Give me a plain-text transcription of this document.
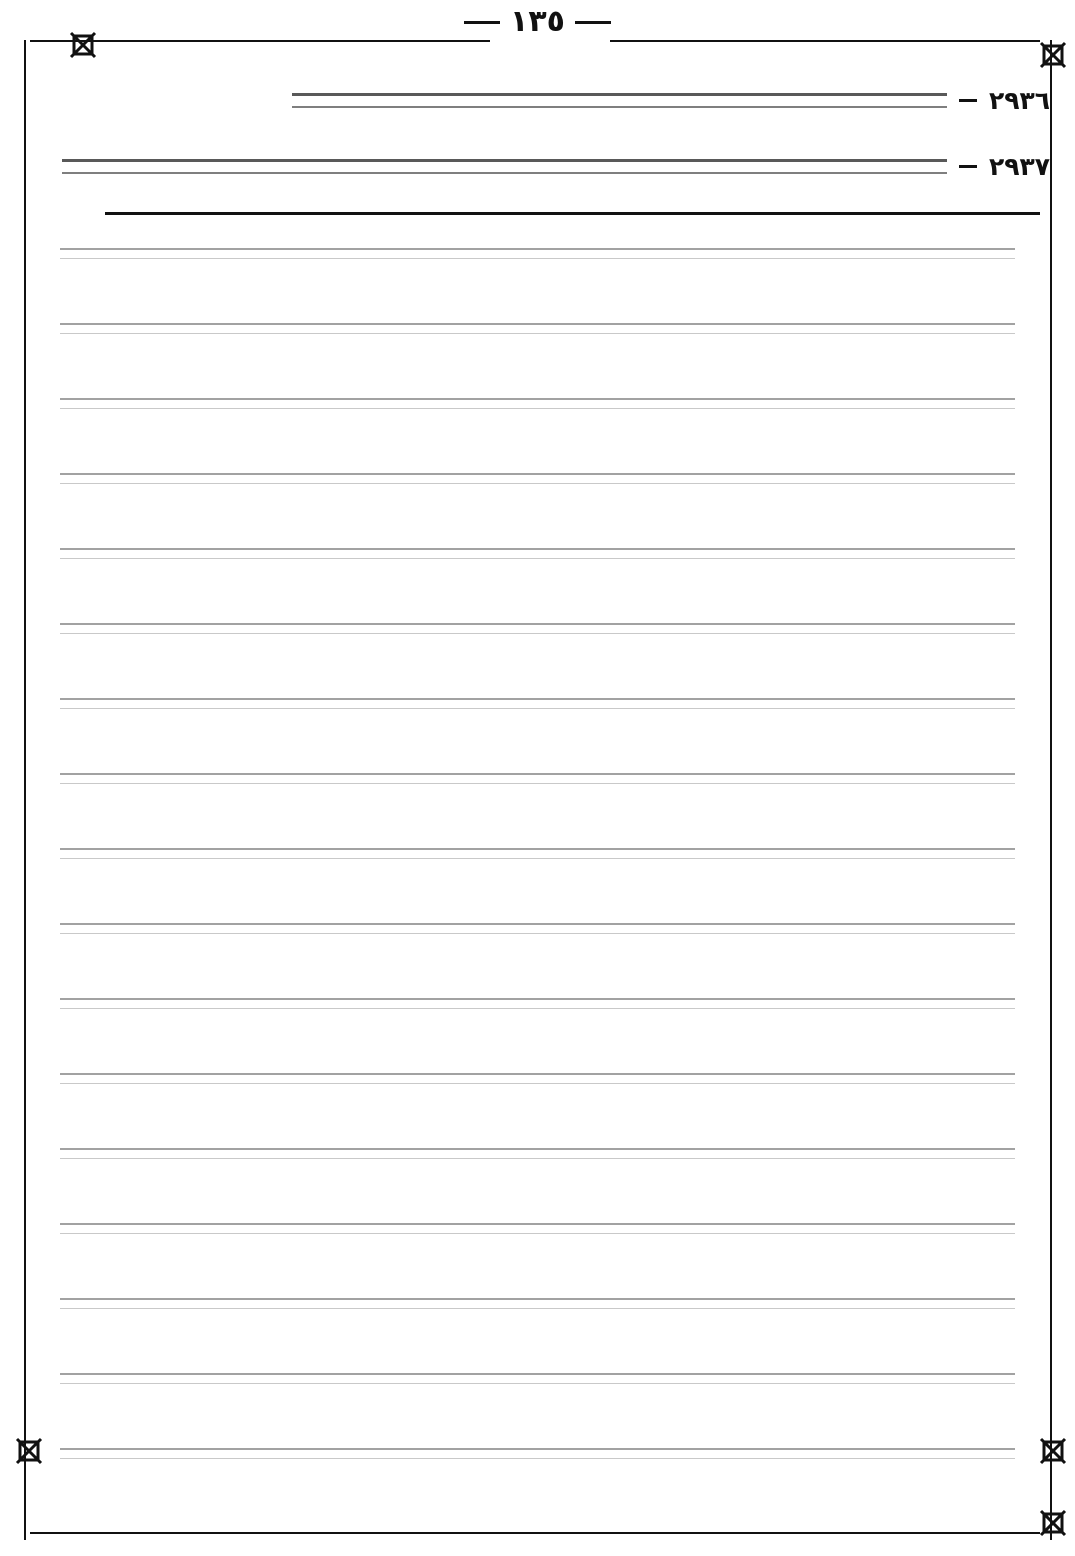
١٣٥
٢٩٣٦
٢٩٣٧
